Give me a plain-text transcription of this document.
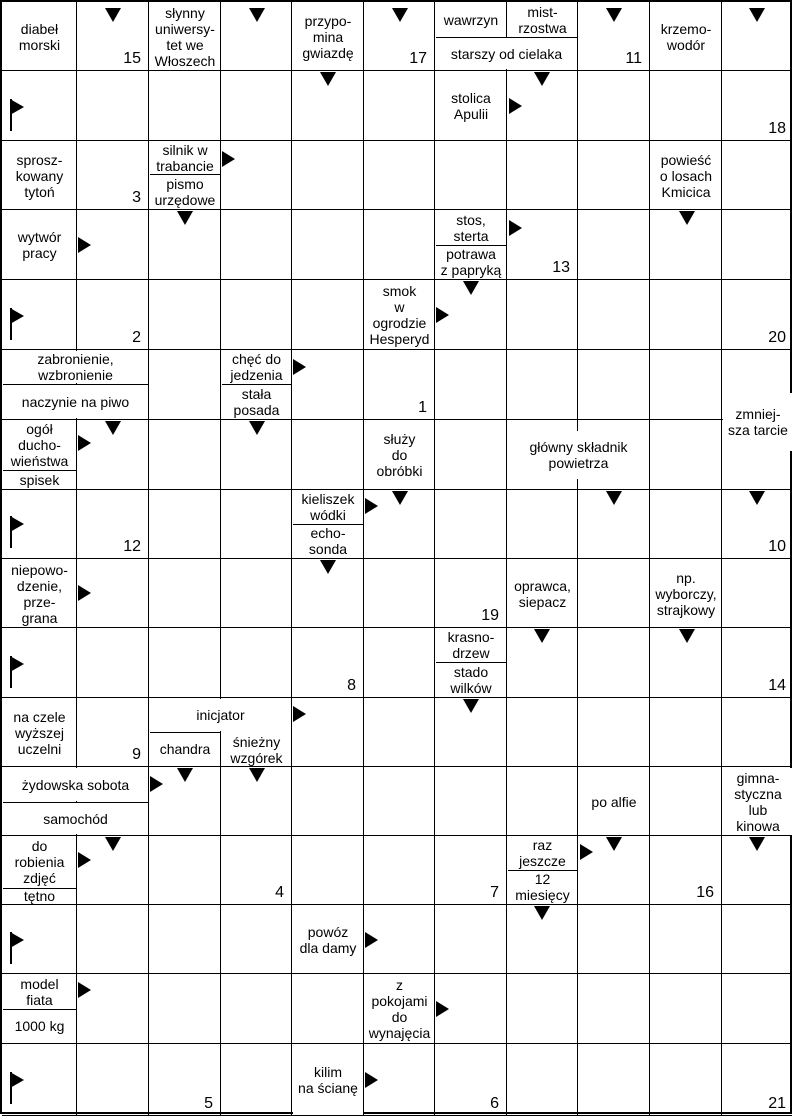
diabeł
morski
słynny
uniwersy-
tet we
Włoszech
przypo-
mina
gwiazdę
wawrzyn	mist-
rzostwa
starszy od cielaka
krzemo-
wodór
stolica
Apulii
sprosz-
kowany
tytoń
silnik w
trabancie
pismo
urzędowe
powieść
o losach
Kmicica
wytwór
pracy
stos,
sterta
potrawa
z papryką
smok
w
ogrodzie
Hesperyd
zabronienie,
wzbronienie
naczynie na piwo
chęć do
jedzenia
stała
posada	zmniej-
sza tarcie
ogół
ducho-
wieństwa
spisek
służy
do
obróbki
główny składnik
powietrza
kieliszek
wódki
echo-
sonda
niepowo-
dzenie,
prze-
grana
oprawca,
siepacz
np.
wyborczy,
strajkowy
krasno-
drzew
stado
wilków
na czele
wyższej
uczelni
inicjator
chandra	śnieżny
wzgórek
żydowska sobota
samochód
po alfie
gimna-
styczna
lub
kinowa
do
robienia
zdjęć
tętno
raz
jeszcze
12
miesięcy
powóz
dla damy
model
fiata
1000 kg
z
pokojami
do
wynajęcia
kilim
na ścianę
15	17	11
18
3
13
2	20
1
12	10
19
8	14
9
7
4	16
5	6	21
